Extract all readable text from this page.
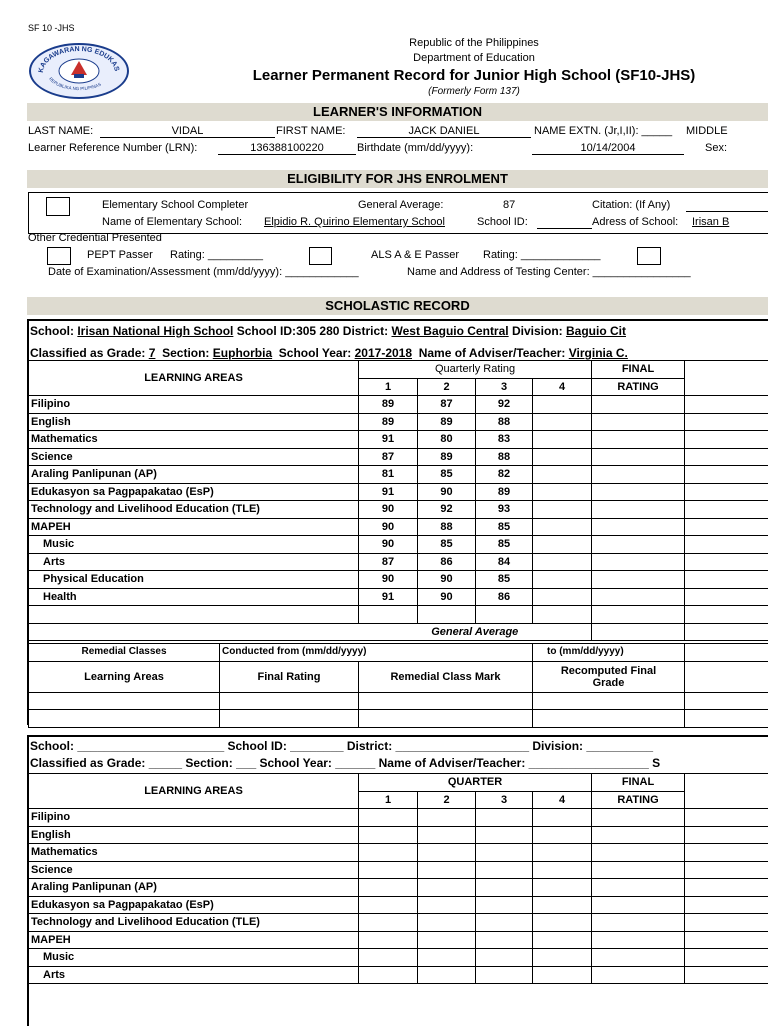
SF 10 -JHS
KAGAWARAN NG EDUKAS
REPUBLIKA NG PILIPINAS
Republic of the Philippines
Department of Education
Learner Permanent Record for Junior High School (SF10-JHS)
(Formerly Form 137)
LEARNER'S INFORMATION
LAST NAME:	VIDAL	FIRST NAME:	JACK DANIEL	NAME EXTN. (Jr,I,II): _____ MIDDLE
Learner Reference Number (LRN):	136388100220	Birthdate (mm/dd/yyyy):	10/14/2004	Sex:
ELIGIBILITY FOR JHS ENROLMENT
Elementary School Completer	General Average:	87	Citation: (If Any)
Name of Elementary School: Elpidio R. Quirino Elementary School	School ID:	Adress of School: Irisan B
Other Credential Presented
PEPT Passer Rating: _________	ALS A & E Passer Rating: _____________
Date of Examination/Assessment (mm/dd/yyyy): ____________	Name and Address of Testing Center: ________________
SCHOLASTIC RECORD
School: Irisan National High School School ID:305 280 District: West Baguio Central Division: Baguio Cit
Classified as Grade: 7 Section: Euphorbia School Year: 2017-2018 Name of Adviser/Teacher: Virginia C.
LEARNING AREAS	Quarterly Rating				FINAL	
	1	2	3	4	RATING	
Filipino	89	87	92			
English	89	89	88			
Mathematics	91	80	83			
Science	87	89	88			
Araling Panlipunan (AP)	81	85	82			
Edukasyon sa Pagpapakatao (EsP)	91	90	89			
Technology and Livelihood Education (TLE)	90	92	93			
MAPEH	90	88	85			
Music	90	85	85			
Arts	87	86	84			
Physical Education	90	90	85			
Health	91	90	86			

	General Average					
Remedial Classes	Conducted from (mm/dd/yyyy)		to (mm/dd/yyyy)	
Learning Areas	Final Rating	Remedial Class Mark	Recomputed Final
Grade	

School: ______________________ School ID: ________ District: ____________________ Division: __________
Classified as Grade: _____ Section: ___ School Year: ______ Name of Adviser/Teacher: __________________ S
LEARNING AREAS	QUARTER				FINAL	
	1	2	3	4	RATING	
Filipino						
English						
Mathematics						
Science						
Araling Panlipunan (AP)						
Edukasyon sa Pagpapakatao (EsP)						
Technology and Livelihood Education (TLE)						
MAPEH						
Music						
Arts						
